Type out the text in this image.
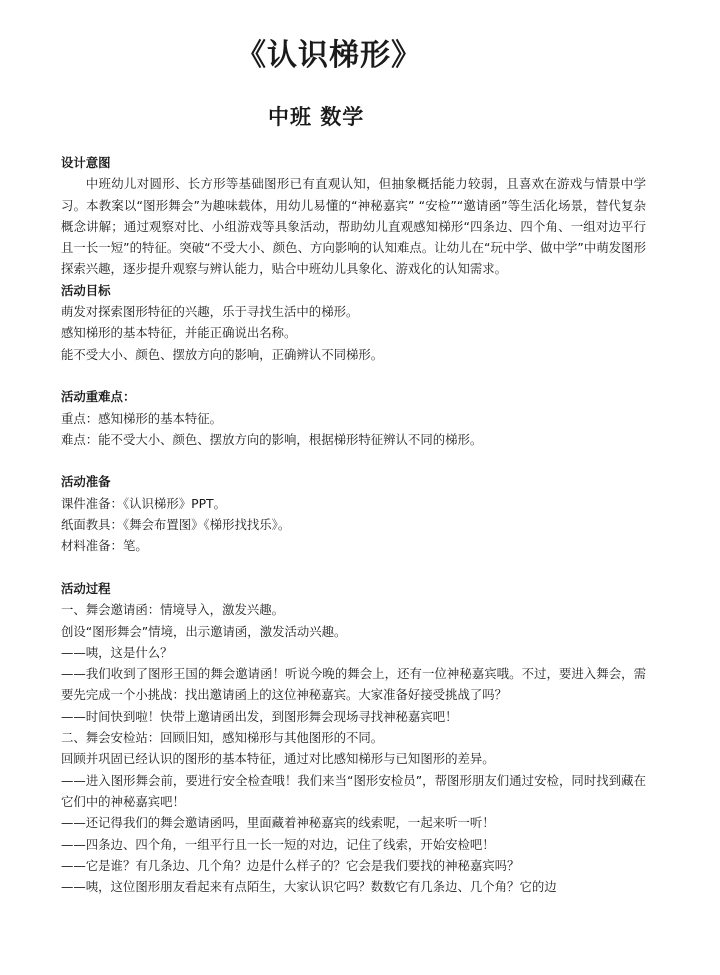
《认识梯形》
中班 数学

设计意图

中班幼儿对圆形、长方形等基础图形已有直观认知，但抽象概括能力较弱，且喜欢在游戏与情景中学习。本教案以“图形舞会”为趣味载体，用幼儿易懂的“神秘嘉宾” “安检”“邀请函”等生活化场景，替代复杂概念讲解；通过观察对比、小组游戏等具象活动，帮助幼儿直观感知梯形“四条边、四个角、一组对边平行且一长一短”的特征。突破“不受大小、颜色、方向影响的认知难点。让幼儿在“玩中学、做中学”中萌发图形探索兴趣，逐步提升观察与辨认能力，贴合中班幼儿具象化、游戏化的认知需求。

活动目标

萌发对探索图形特征的兴趣，乐于寻找生活中的梯形。

感知梯形的基本特征，并能正确说出名称。

能不受大小、颜色、摆放方向的影响，正确辨认不同梯形。

活动重难点：

重点：感知梯形的基本特征。

难点：能不受大小、颜色、摆放方向的影响，根据梯形特征辨认不同的梯形。

活动准备

课件准备：《认识梯形》PPT。

纸面教具：《舞会布置图》《梯形找找乐》。

材料准备：笔。

活动过程

一、舞会邀请函：情境导入，激发兴趣。

创设“图形舞会”情境，出示邀请函，激发活动兴趣。

——咦，这是什么？

——我们收到了图形王国的舞会邀请函！听说今晚的舞会上，还有一位神秘嘉宾哦。不过，要进入舞会，需要先完成一个小挑战：找出邀请函上的这位神秘嘉宾。大家准备好接受挑战了吗？

——时间快到啦！快带上邀请函出发，到图形舞会现场寻找神秘嘉宾吧！

二、舞会安检站：回顾旧知，感知梯形与其他图形的不同。

回顾并巩固已经认识的图形的基本特征，通过对比感知梯形与已知图形的差异。

——进入图形舞会前，要进行安全检查哦！我们来当“图形安检员”，帮图形朋友们通过安检，同时找到藏在它们中的神秘嘉宾吧！

——还记得我们的舞会邀请函吗，里面藏着神秘嘉宾的线索呢，一起来听一听！

——四条边、四个角，一组平行且一长一短的对边，记住了线索，开始安检吧！

——它是谁？有几条边、几个角？边是什么样子的？它会是我们要找的神秘嘉宾吗？

——咦，这位图形朋友看起来有点陌生，大家认识它吗？数数它有几条边、几个角？它的边
